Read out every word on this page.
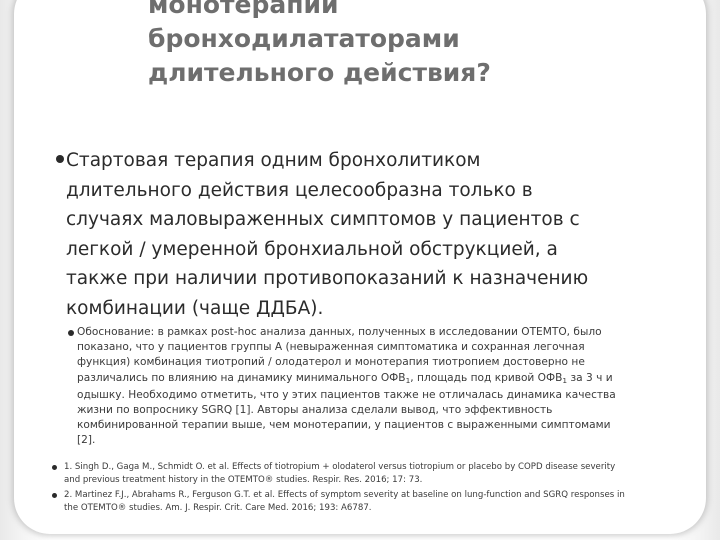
монотерапии
бронходилататорами
длительного действия?
Стартовая терапия одним бронхолитиком
длительного действия целесообразна только в
случаях маловыраженных симптомов у пациентов с
легкой / умеренной бронхиальной обструкцией, а
также при наличии противопоказаний к назначению
комбинации (чаще ДДБА).
Обоснование: в рамках post-hoc анализа данных, полученных в исследовании ОТЕМТО, было
показано, что у пациентов группы А (невыраженная симптоматика и сохранная легочная
функция) комбинация тиотропий / олодатерол и монотерапия тиотропием достоверно не
различались по влиянию на динамику минимального $ОФВ_1$, площадь под кривой $ОФВ_1$ за 3 ч и
одышку. Необходимо отметить, что у этих пациентов также не отличалась динамика качества
жизни по вопроснику SGRQ [1]. Авторы анализа сделали вывод, что эффективность
комбинированной терапии выше, чем монотерапии, у пациентов с выраженными симптомами
[2].
1. Singh D., Gaga M., Schmidt O. et al. Effects of tiotropium + olodaterol versus tiotropium or placebo by COPD disease severity
and previous treatment history in the OTEMTO® studies. Respir. Res. 2016; 17: 73.
2. Martinez F.J., Abrahams R., Ferguson G.T. et al. Effects of symptom severity at baseline on lung-function and SGRQ responses in
the OTEMTO® studies. Am. J. Respir. Crit. Care Med. 2016; 193: A6787.
